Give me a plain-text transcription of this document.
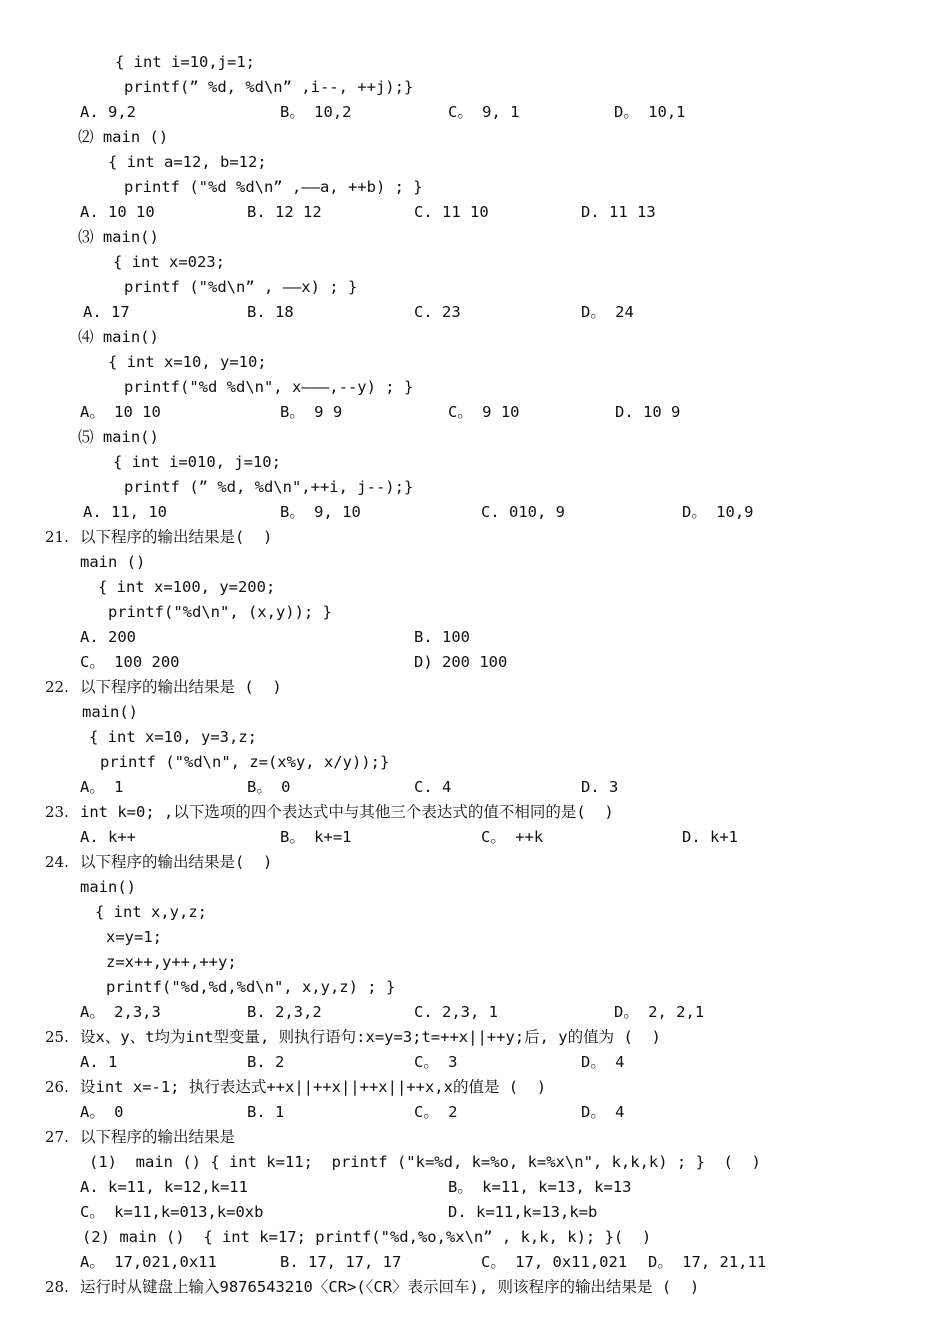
{ int i=10,j=1;
printf(” %d, %d\n” ,i--, ++j);}
A. 9,2	B。 10,2	C。 9, 1	D。 10,1
⑵ main ()
{ int a=12, b=12;
printf ("%d %d\n” ,——a, ++b) ; }
A. 10 10	B. 12 12	C. 11 10	D. 11 13
⑶ main()
{ int x=023;
printf ("%d\n” , ——x) ; }
A. 17	B. 18	C. 23	D。 24
⑷ main()
{ int x=10, y=10;
printf("%d %d\n", x———,--y) ; }
A。 10 10	B。 9 9	C。 9 10	D. 10 9
⑸ main()
{ int i=010, j=10;
printf (” %d, %d\n",++i, j--);}
A. 11, 10	B。 9, 10	C. 010, 9	D。 10,9
21. 以下程序的输出结果是(  )
main ()
{ int x=100, y=200;
printf("%d\n", (x,y)); }
A. 200	B. 100
C。 100 200	D) 200 100
22. 以下程序的输出结果是 (  )
main()
{ int x=10, y=3,z;
printf ("%d\n", z=(x%y, x/y));}
A。 1	B。 0	C. 4	D. 3
23. int k=0; ,以下选项的四个表达式中与其他三个表达式的值不相同的是(  )
A. k++	B。 k+=1	C。 ++k	D. k+1
24. 以下程序的输出结果是(  )
main()
{ int x,y,z;
x=y=1;
z=x++,y++,++y;
printf("%d,%d,%d\n", x,y,z) ; }
A。 2,3,3	B. 2,3,2	C. 2,3, 1	D。 2, 2,1
25. 设x、y、t均为int型变量, 则执行语句:x=y=3;t=++x||++y;后, y的值为 (  )
A. 1	B. 2	C。 3	D。 4
26. 设int x=-1; 执行表达式++x||++x||++x||++x,x的值是 (  )
A。 0	B. 1	C。 2	D。 4
27. 以下程序的输出结果是
(1)  main () { int k=11;  printf ("k=%d, k=%o, k=%x\n", k,k,k) ; }  (  )
A. k=11, k=12,k=11	B。 k=11, k=13, k=13
C。 k=11,k=013,k=0xb	D. k=11,k=13,k=b
(2) main ()  { int k=17; printf("%d,%o,%x\n” , k,k, k); }(  )
A。 17,021,0x11	B. 17, 17, 17	C。 17, 0x11,021 D。 17, 21,11
28. 运行时从键盘上输入9876543210〈CR>(〈CR〉表示回车), 则该程序的输出结果是 (  )
